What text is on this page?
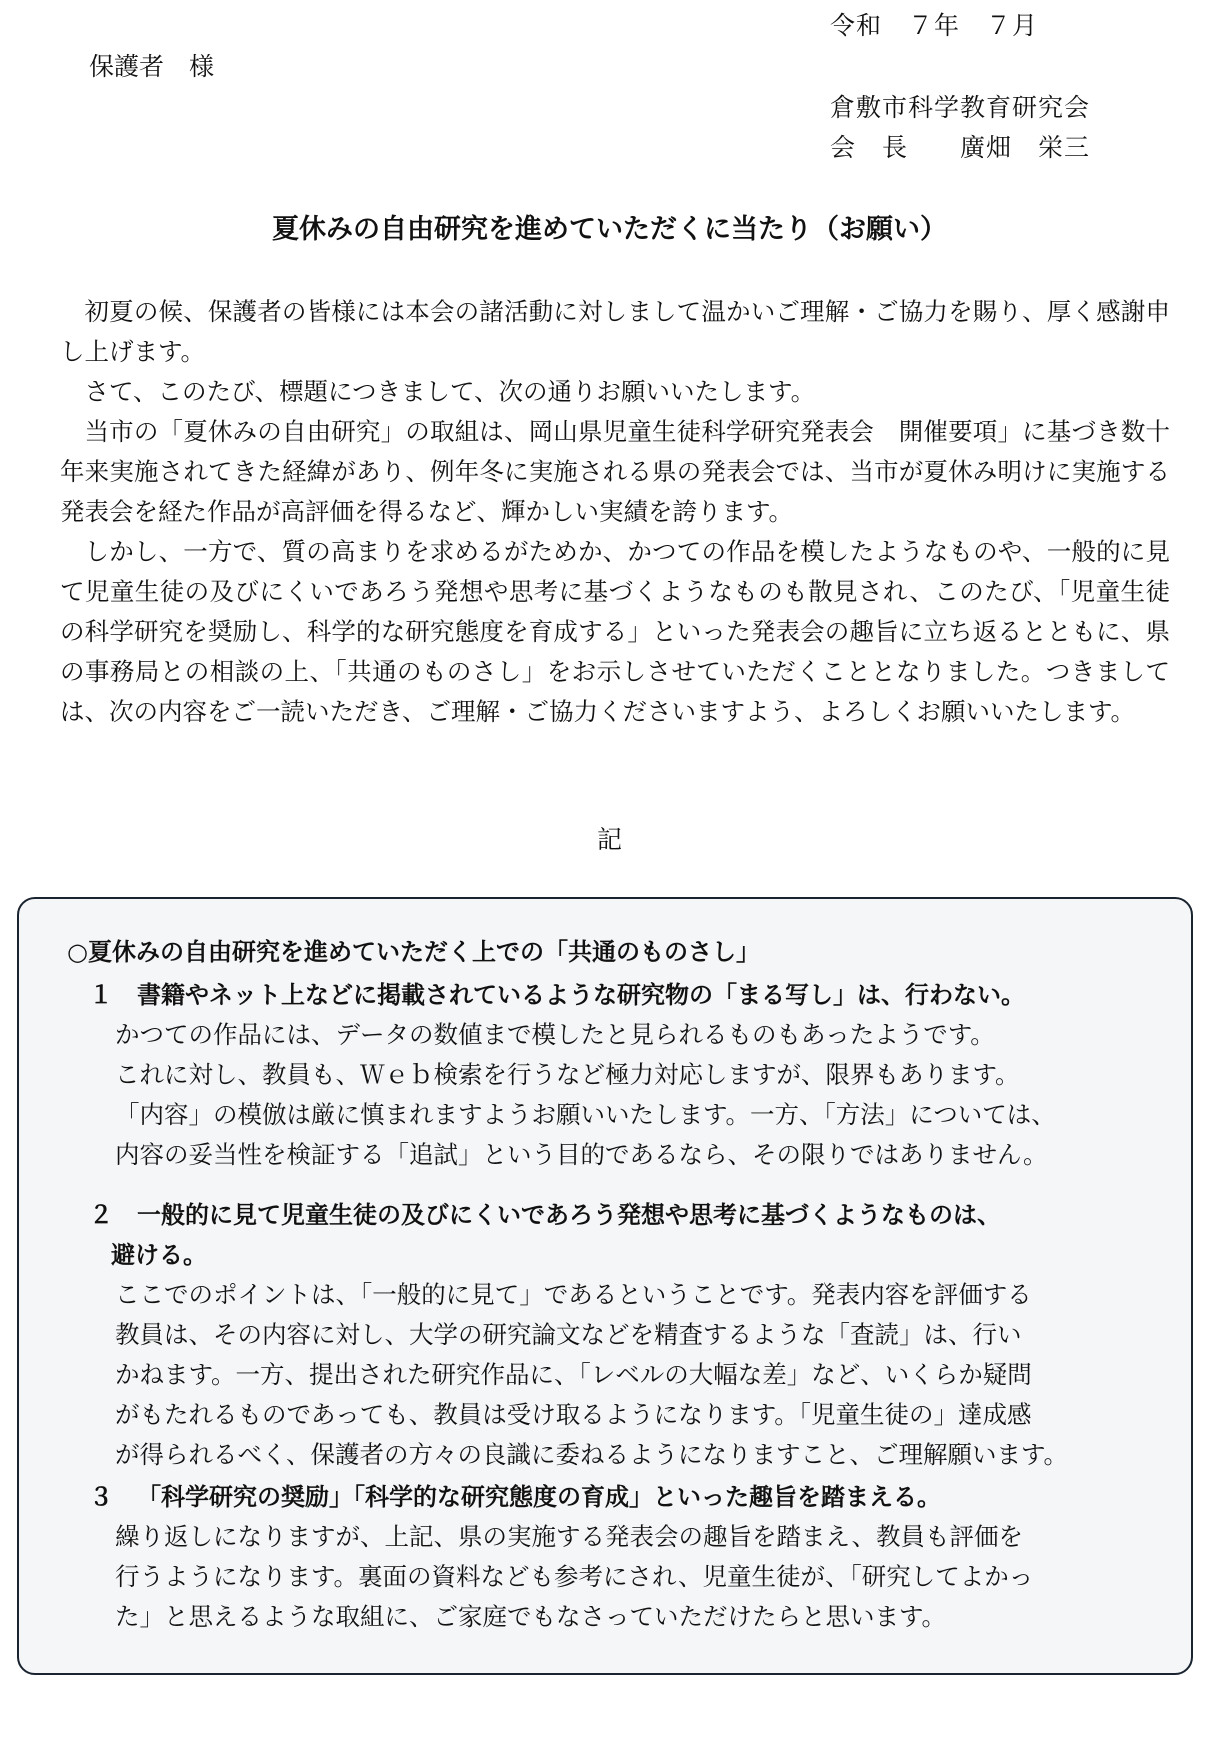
令和　７年　７月
保護者　様
倉敷市科学教育研究会
会　長　　廣畑　栄三
夏休みの自由研究を進めていただくに当たり（お願い）

初夏の候、保護者の皆様には本会の諸活動に対しまして温かいご理解・ご協力を賜り、厚く感謝申し上げます。

さて、このたび、標題につきまして、次の通りお願いいたします。

当市の「夏休みの自由研究」の取組は、岡山県児童生徒科学研究発表会　開催要項」に基づき数十年来実施されてきた経緯があり、例年冬に実施される県の発表会では、当市が夏休み明けに実施する発表会を経た作品が高評価を得るなど、輝かしい実績を誇ります。

しかし、一方で、質の高まりを求めるがためか、かつての作品を模したようなものや、一般的に見て児童生徒の及びにくいであろう発想や思考に基づくようなものも散見され、このたび、「児童生徒の科学研究を奨励し、科学的な研究態度を育成する」といった発表会の趣旨に立ち返るとともに、県の事務局との相談の上、「共通のものさし」をお示しさせていただくこととなりました。つきましては、次の内容をご一読いただき、ご理解・ご協力くださいますよう、よろしくお願いいたします。

記
○夏休みの自由研究を進めていただく上での「共通のものさし」
１	書籍やネット上などに掲載されているような研究物の「まる写し」は、行わない。

かつての作品には、データの数値まで模したと見られるものもあったようです。

これに対し、教員も、Ｗｅｂ検索を行うなど極力対応しますが、限界もあります。

「内容」の模倣は厳に慎まれますようお願いいたします。一方、「方法」については、

内容の妥当性を検証する「追試」という目的であるなら、その限りではありません。

２	一般的に見て児童生徒の及びにくいであろう発想や思考に基づくようなものは、
避ける。

ここでのポイントは、「一般的に見て」であるということです。発表内容を評価する

教員は、その内容に対し、大学の研究論文などを精査するような「査読」は、行い

かねます。一方、提出された研究作品に、「レベルの大幅な差」など、いくらか疑問

がもたれるものであっても、教員は受け取るようになります。「児童生徒の」達成感

が得られるべく、保護者の方々の良識に委ねるようになりますこと、ご理解願います。

３	「科学研究の奨励」「科学的な研究態度の育成」といった趣旨を踏まえる。

繰り返しになりますが、上記、県の実施する発表会の趣旨を踏まえ、教員も評価を

行うようになります。裏面の資料なども参考にされ、児童生徒が、「研究してよかっ

た」と思えるような取組に、ご家庭でもなさっていただけたらと思います。
